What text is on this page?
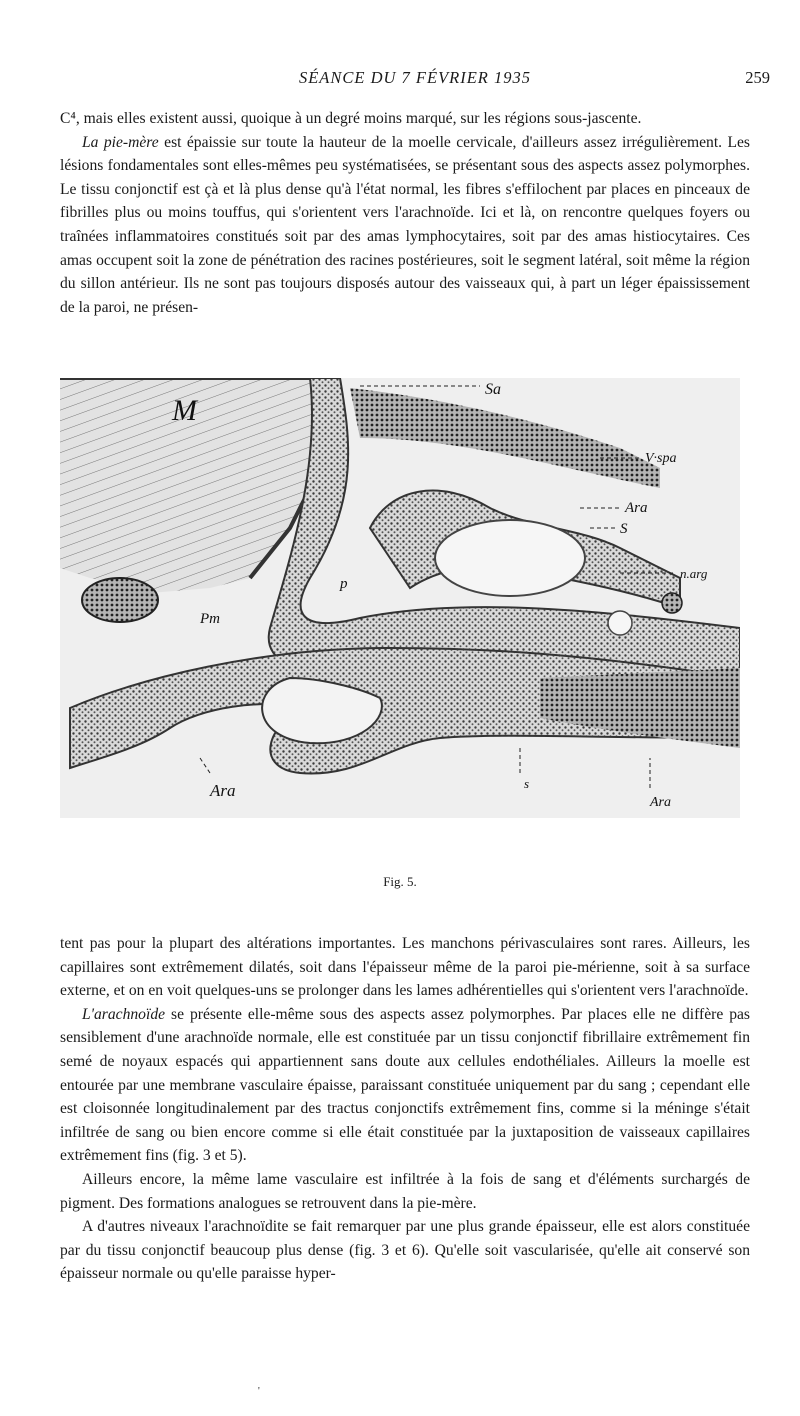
SÉANCE DU 7 FÉVRIER 1935	259

C⁴, mais elles existent aussi, quoique à un degré moins marqué, sur les régions sous-jascente.

La pie-mère est épaissie sur toute la hauteur de la moelle cervicale, d'ailleurs assez irrégulièrement. Les lésions fondamentales sont elles-mêmes peu systématisées, se présentant sous des aspects assez polymorphes. Le tissu conjonctif est çà et là plus dense qu'à l'état normal, les fibres s'effilochent par places en pinceaux de fibrilles plus ou moins touffus, qui s'orientent vers l'arachnoïde. Ici et là, on rencontre quelques foyers ou traînées inflammatoires constitués soit par des amas lymphocytaires, soit par des amas histiocytaires. Ces amas occupent soit la zone de pénétration des racines postérieures, soit le segment latéral, soit même la région du sillon antérieur. Ils ne sont pas toujours disposés autour des vaisseaux qui, à part un léger épaississement de la paroi, ne présen-

M
Sa
V·spa
Ara
S
n.arg
p
Pm
Ara	s
Ara
Fig. 5.

tent pas pour la plupart des altérations importantes. Les manchons périvasculaires sont rares. Ailleurs, les capillaires sont extrêmement dilatés, soit dans l'épaisseur même de la paroi pie-mérienne, soit à sa surface externe, et on en voit quelques-uns se prolonger dans les lames adhérentielles qui s'orientent vers l'arachnoïde.

L'arachnoïde se présente elle-même sous des aspects assez polymorphes. Par places elle ne diffère pas sensiblement d'une arachnoïde normale, elle est constituée par un tissu conjonctif fibrillaire extrêmement fin semé de noyaux espacés qui appartiennent sans doute aux cellules endothéliales. Ailleurs la moelle est entourée par une membrane vasculaire épaisse, paraissant constituée uniquement par du sang ; cependant elle est cloisonnée longitudinalement par des tractus conjonctifs extrêmement fins, comme si la méninge s'était infiltrée de sang ou bien encore comme si elle était constituée par la juxtaposition de vaisseaux capillaires extrêmement fins (fig. 3 et 5).

Ailleurs encore, la même lame vasculaire est infiltrée à la fois de sang et d'éléments surchargés de pigment. Des formations analogues se retrouvent dans la pie-mère.

A d'autres niveaux l'arachnoïdite se fait remarquer par une plus grande épaisseur, elle est alors constituée par du tissu conjonctif beaucoup plus dense (fig. 3 et 6). Qu'elle soit vascularisée, qu'elle ait conservé son épaisseur normale ou qu'elle paraisse hyper-

'
